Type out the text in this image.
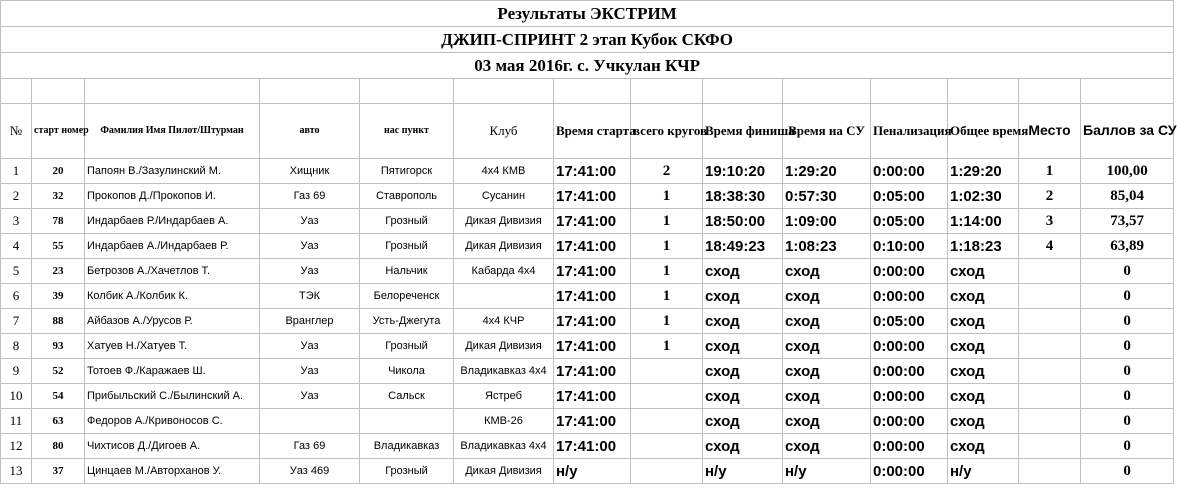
Результаты ЭКСТРИМ													
ДЖИП-СПРИНТ 2 этап Кубок СКФО													
03 мая 2016г. с. Учкулан КЧР													

№	старт номер	Фамилия Имя Пилот/Штурман	авто	нас пункт	Клуб	Время старта	всего кругов	Время финиша	Время на СУ	Пенализация	Общее время	Место	Баллов за СУ
1	20	Папоян В./Зазулинский М.	Хищник	Пятигорск	4х4 КМВ	17:41:00	2	19:10:20	1:29:20	0:00:00	1:29:20	1	100,00
2	32	Прокопов Д./Прокопов И.	Газ 69	Ставрополь	Сусанин	17:41:00	1	18:38:30	0:57:30	0:05:00	1:02:30	2	85,04
3	78	Индарбаев Р./Индарбаев А.	Уаз	Грозный	Дикая Дивизия	17:41:00	1	18:50:00	1:09:00	0:05:00	1:14:00	3	73,57
4	55	Индарбаев А./Индарбаев Р.	Уаз	Грозный	Дикая Дивизия	17:41:00	1	18:49:23	1:08:23	0:10:00	1:18:23	4	63,89
5	23	Бетрозов А./Хачетлов Т.	Уаз	Нальчик	Кабарда 4х4	17:41:00	1	сход	сход	0:00:00	сход		0
6	39	Колбик А./Колбик К.	ТЭК	Белореченск		17:41:00	1	сход	сход	0:00:00	сход		0
7	88	Айбазов А./Урусов Р.	Вранглер	Усть-Джегута	4х4 КЧР	17:41:00	1	сход	сход	0:05:00	сход		0
8	93	Хатуев Н./Хатуев Т.	Уаз	Грозный	Дикая Дивизия	17:41:00	1	сход	сход	0:00:00	сход		0
9	52	Тотоев Ф./Каражаев Ш.	Уаз	Чикола	Владикавказ 4х4	17:41:00		сход	сход	0:00:00	сход		0
10	54	Прибыльский С./Былинский А.	Уаз	Сальск	Ястреб	17:41:00		сход	сход	0:00:00	сход		0
11	63	Федоров А./Кривоносов С.			КМВ-26	17:41:00		сход	сход	0:00:00	сход		0
12	80	Чихтисов Д./Дигоев А.	Газ 69	Владикавказ	Владикавказ 4х4	17:41:00		сход	сход	0:00:00	сход		0
13	37	Цинцаев М./Авторханов У.	Уаз 469	Грозный	Дикая Дивизия	н/у		н/у	н/у	0:00:00	н/у		0
